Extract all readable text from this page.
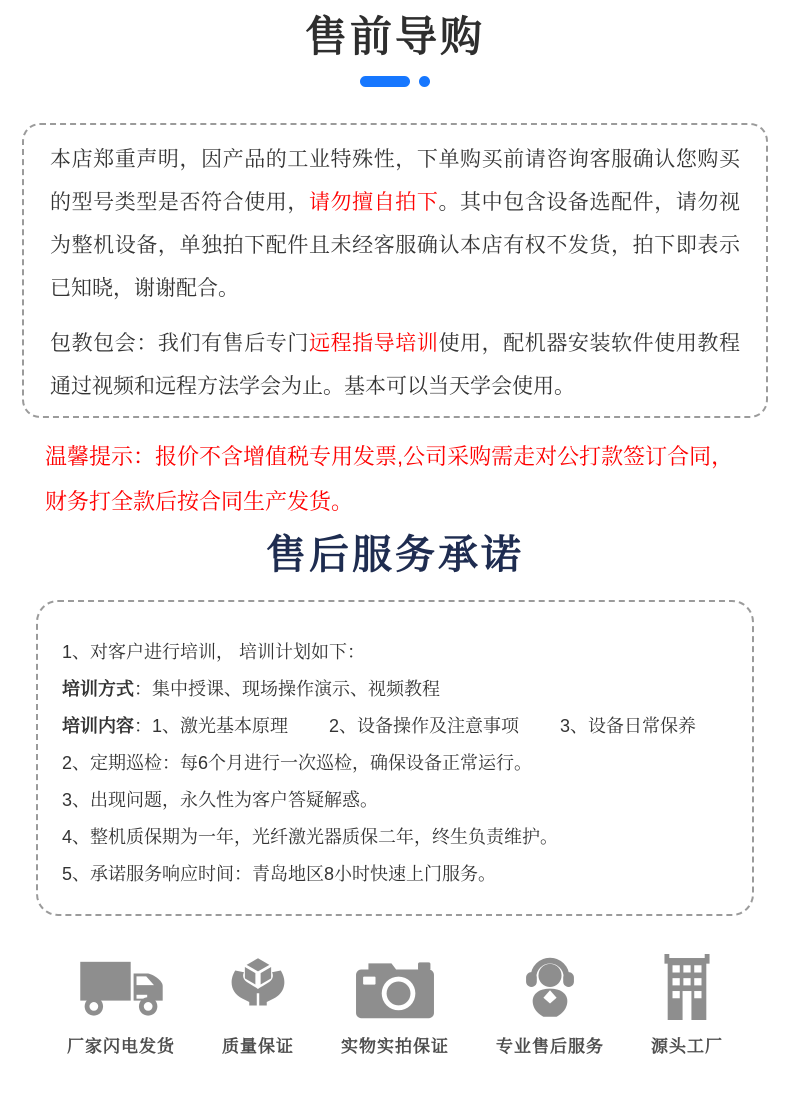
售前导购

本店郑重声明，因产品的工业特殊性，下单购买前请咨询客服确认您购买的型号类型是否符合使用，请勿擅自拍下。其中包含设备选配件，请勿视为整机设备，单独拍下配件且未经客服确认本店有权不发货，拍下即表示已知晓，谢谢配合。

包教包会：我们有售后专门远程指导培训使用，配机器安装软件使用教程通过视频和远程方法学会为止。基本可以当天学会使用。

温馨提示：报价不含增值税专用发票,公司采购需走对公打款签订合同，财务打全款后按合同生产发货。

售后服务承诺

1、对客户进行培训， 培训计划如下：

培训方式：集中授课、现场操作演示、视频教程

培训内容：1、激光基本原理　　 2、设备操作及注意事项　　 3、设备日常保养

2、定期巡检：每6个月进行一次巡检，确保设备正常运行。

3、出现问题，永久性为客户答疑解惑。

4、整机质保期为一年，光纤激光器质保二年，终生负责维护。

5、承诺服务响应时间：青岛地区8小时快速上门服务。

厂家闪电发货	质量保证	实物实拍保证	专业售后服务	源头工厂
